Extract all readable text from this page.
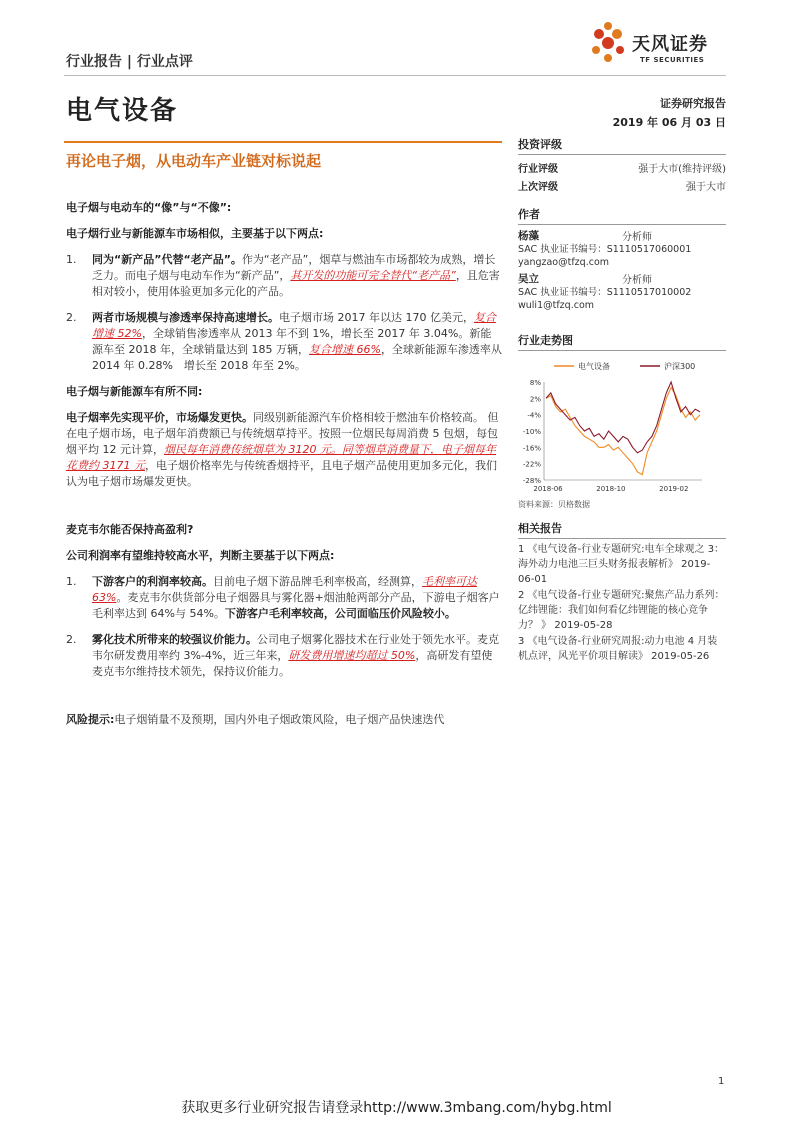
行业报告 | 行业点评
天风证券
TF SECURITIES
电气设备	证券研究报告
2019 年 06 月 03 日
再论电子烟，从电动车产业链对标说起

电子烟与电动车的“像”与“不像”:

电子烟行业与新能源车市场相似，主要基于以下两点:

1. 同为“新产品”代替“老产品”。作为“老产品”，烟草与燃油车市场都较为成熟，增长乏力。而电子烟与电动车作为“新产品”，其开发的功能可完全替代“老产品”，且危害相对较小，使用体验更加多元化的产品。
2. 两者市场规模与渗透率保持高速增长。电子烟市场 2017 年以达 170 亿美元，复合增速 52%，全球销售渗透率从 2013 年不到 1%，增长至 2017 年 3.04%。新能源车至 2018 年，全球销量达到 185 万辆，复合增速 66%，全球新能源车渗透率从 2014 年 0.28%　增长至 2018 年至 2%。

电子烟与新能源车有所不同:

电子烟率先实现平价，市场爆发更快。同级别新能源汽车价格相较于燃油车价格较高。 但在电子烟市场，电子烟年消费额已与传统烟草持平。按照一位烟民每周消费 5 包烟，每包烟平均 12 元计算，烟民每年消费传统烟草为 3120 元。同等烟草消费量下，电子烟每年花费约 3171 元，电子烟价格率先与传统香烟持平，且电子烟产品使用更加多元化，我们认为电子烟市场爆发更快。

麦克韦尔能否保持高盈利?

公司利润率有望维持较高水平，判断主要基于以下两点:

1. 下游客户的利润率较高。目前电子烟下游品牌毛利率极高，经测算，毛利率可达 63%。麦克韦尔供货部分电子烟器具与雾化器+烟油舱两部分产品，下游电子烟客户毛利率达到 64%与 54%。下游客户毛利率较高，公司面临压价风险较小。
2. 雾化技术所带来的较强议价能力。公司电子烟雾化器技术在行业处于领先水平。麦克韦尔研发费用率约 3%-4%，近三年来，研发费用增速均超过 50%，高研发有望使麦克韦尔维持技术领先，保持议价能力。

风险提示:电子烟销量不及预期，国内外电子烟政策风险，电子烟产品快速迭代

投资评级
行业评级	强于大市(维持评级)
上次评级	强于大市
作者
杨藻	分析师
SAC 执业证书编号：S1110517060001
yangzao@tfzq.com
吴立	分析师
SAC 执业证书编号：S1110517010002
wuli1@tfzq.com
行业走势图
电气设备	沪深300
8%
2%
-4%
-10%
-16%
-22%
-28%
2018-06	2018-10	2019-02
资料来源：贝格数据
相关报告
1 《电气设备-行业专题研究:电车全球观之 3：海外动力电池三巨头财务报表解析》 2019-06-01
2 《电气设备-行业专题研究:聚焦产品力系列：　　　　亿纬锂能：我们如何看亿纬锂能的核心竞争力？ 》 2019-05-28
3 《电气设备-行业研究周报:动力电池 4 月装机点评，风光平价项目解读》 2019-05-26
1
获取更多行业研究报告请登录http://www.3mbang.com/hybg.html
